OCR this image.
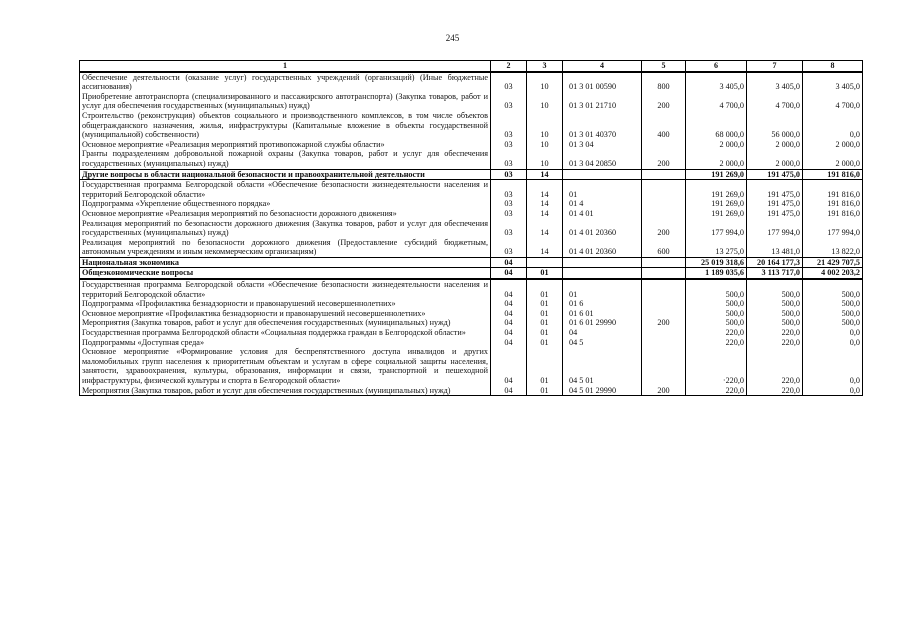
245
1	2	3	4	5	6	7	8
Обеспечение деятельности (оказание услуг) государственных учреждений (организаций) (Иные бюджетные ассигнования)	03	10	01 3 01 00590	800	3 405,0	3 405,0	3 405,0
Приобретение автотранспорта (специализированного и пассажирского автотранспорта) (Закупка товаров, работ и услуг для обеспечения государственных (муниципальных) нужд)	03	10	01 3 01 21710	200	4 700,0	4 700,0	4 700,0
Строительство (реконструкция) объектов социального и производственного комплексов, в том числе объектов общегражданского назначения, жилья, инфраструктуры (Капитальные вложение в объекты государственной (муниципальной) собственности)	03	10	01 3 01 40370	400	68 000,0	56 000,0	0,0
Основное мероприятие «Реализация мероприятий противопожарной службы области»	03	10	01 3 04		2 000,0	2 000,0	2 000,0
Гранты подразделениям добровольной пожарной охраны (Закупка товаров, работ и услуг для обеспечения государственных (муниципальных) нужд)	03	10	01 3 04 20850	200	2 000,0	2 000,0	2 000,0
Другие вопросы в области национальной безопасности и правоохранительной деятельности	03	14			191 269,0	191 475,0	191 816,0
Государственная программа Белгородской области «Обеспечение безопасности жизнедеятельности населения и территорий Белгородской области»	03	14	01		191 269,0	191 475,0	191 816,0
Подпрограмма «Укрепление общественного порядка»	03	14	01 4		191 269,0	191 475,0	191 816,0
Основное мероприятие «Реализация мероприятий по безопасности дорожного движения»	03	14	01 4 01		191 269,0	191 475,0	191 816,0
Реализация мероприятий по безопасности дорожного движения (Закупка товаров, работ и услуг для обеспечения государственных (муниципальных) нужд)	03	14	01 4 01 20360	200	177 994,0	177 994,0	177 994,0
Реализация мероприятий по безопасности дорожного движения (Предоставление субсидий бюджетным, автономным учреждениям и иным некоммерческим организациям)	03	14	01 4 01 20360	600	13 275,0	13 481,0	13 822,0
Национальная экономика	04				25 019 318,6	20 164 177,3	21 429 707,5
Общеэкономические вопросы	04	01			1 189 035,6	3 113 717,0	4 002 203,2
Государственная программа Белгородской области «Обеспечение безопасности жизнедеятельности населения и территорий Белгородской области»	04	01	01		500,0	500,0	500,0
Подпрограмма «Профилактика безнадзорности и правонарушений несовершеннолетних»	04	01	01 6		500,0	500,0	500,0
Основное мероприятие «Профилактика безнадзорности и правонарушений несовершеннолетних»	04	01	01 6 01		500,0	500,0	500,0
Мероприятия (Закупка товаров, работ и услуг для обеспечения государственных (муниципальных) нужд)	04	01	01 6 01 29990	200	500,0	500,0	500,0
Государственная программа Белгородской области «Социальная поддержка граждан в Белгородской области»	04	01	04		220,0	220,0	0,0
Подпрограммы «Доступная среда»	04	01	04 5		220,0	220,0	0,0
Основное мероприятие «Формирование условия для беспрепятственного доступа инвалидов и других маломобильных групп населения к приоритетным объектам и услугам в сфере социальной защиты населения, занятости, здравоохранения, культуры, образования, информации и связи, транспортной и пешеходной инфраструктуры, физической культуры и спорта в Белгородской области»	04	01	04 5 01		·220,0	220,0	0,0
Мероприятия (Закупка товаров, работ и услуг для обеспечения государственных (муниципальных) нужд)	04	01	04 5 01 29990	200	220,0	220,0	0,0
